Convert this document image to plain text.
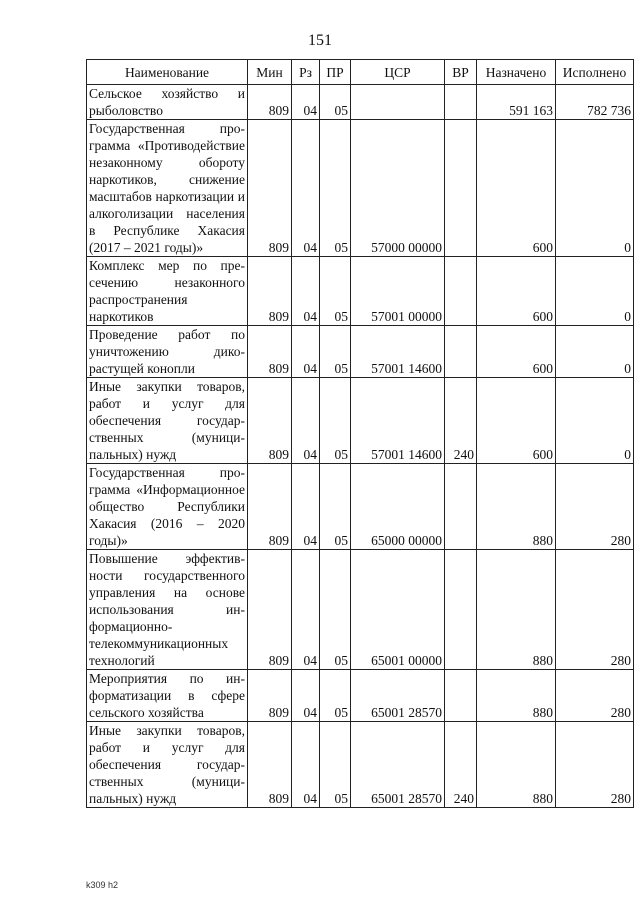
151
Наименование	Мин	Рз	ПР	ЦСР	ВР	Назначено	Исполнено
Сельское хозяйство и рыболовство	809	04	05			591 163	782 736
Государственная программа «Противодействие незаконному обороту наркотиков, снижение масштабов наркотизации и алкоголизации населения в Республике Хакасия (2017 – 2021 годы)»	809	04	05	57000 00000		600	0
Комплекс мер по пресечению незаконного распространения наркотиков	809	04	05	57001 00000		600	0
Проведение работ по уничтожению дикорастущей конопли	809	04	05	57001 14600		600	0
Иные закупки товаров, работ и услуг для обеспечения государственных (муниципальных) нужд	809	04	05	57001 14600	240	600	0
Государственная программа «Информационное общество Республики Хакасия (2016 – 2020 годы)»	809	04	05	65000 00000		880	280
Повышение эффективности государственного управления на основе использования информационно-телекоммуникационных технологий	809	04	05	65001 00000		880	280
Мероприятия по информатизации в сфере сельского хозяйства	809	04	05	65001 28570		880	280
Иные закупки товаров, работ и услуг для обеспечения государственных (муниципальных) нужд	809	04	05	65001 28570	240	880	280
k309 h2
